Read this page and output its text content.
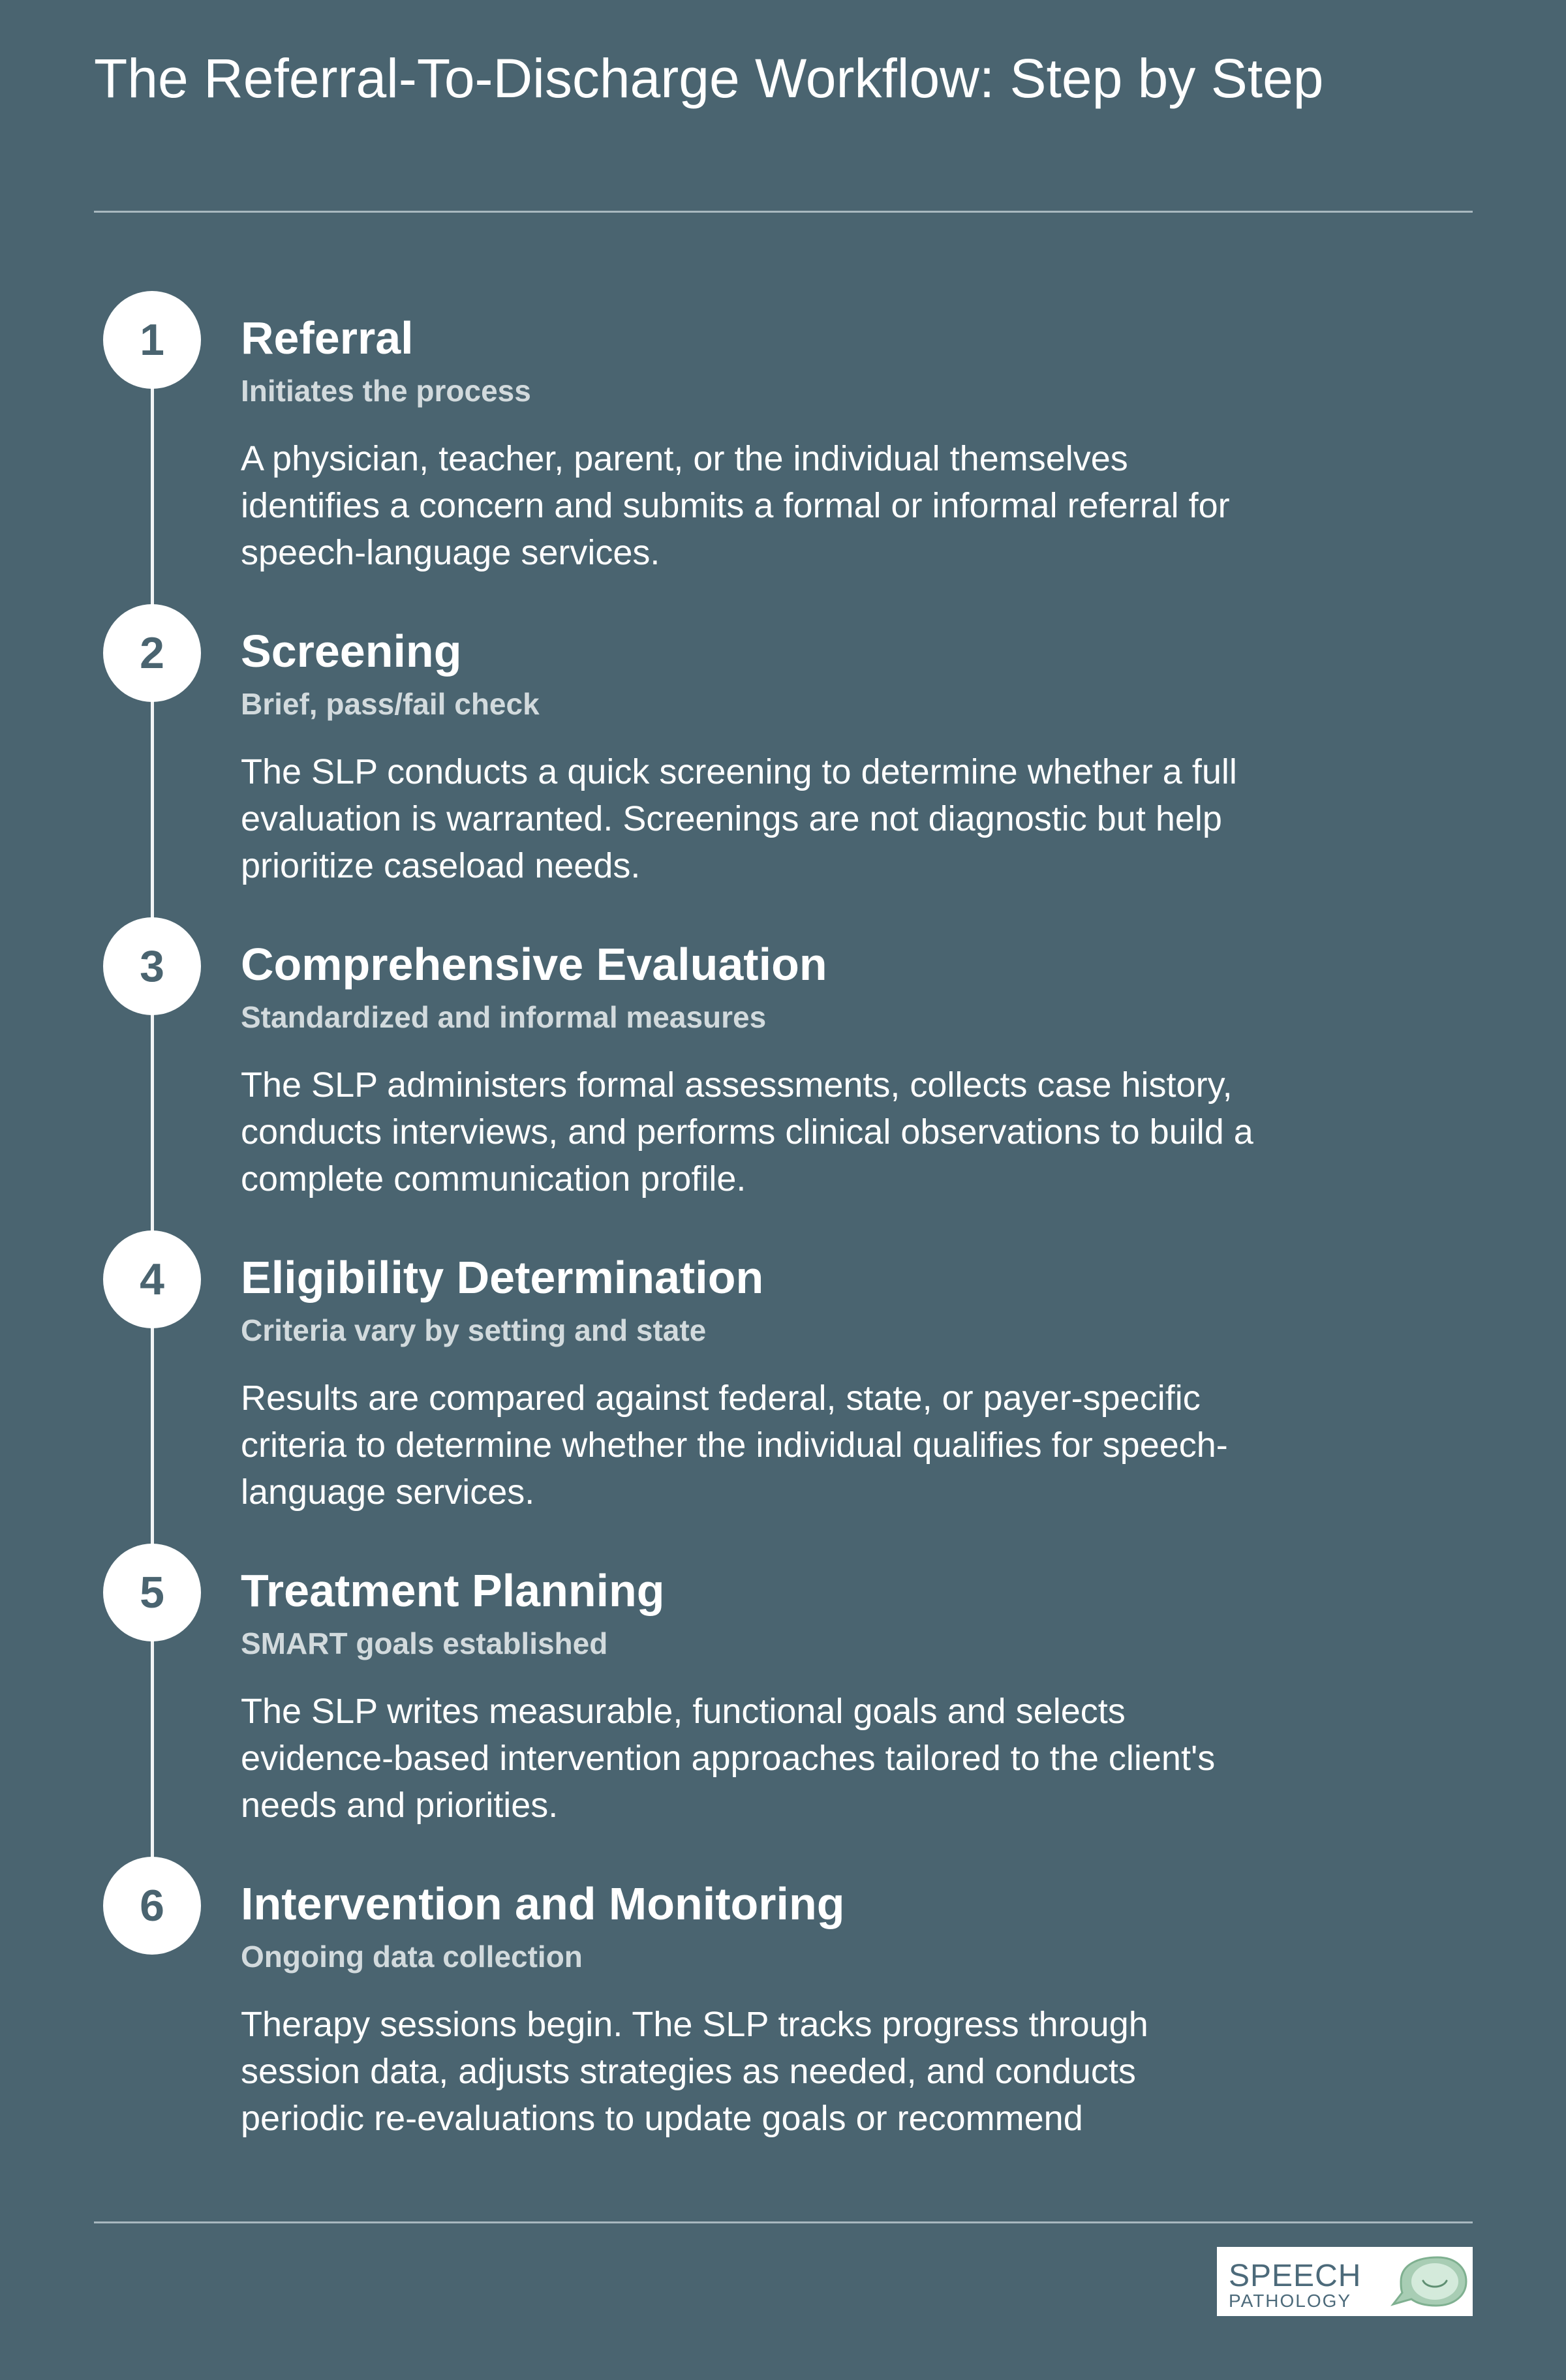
The Referral-To-Discharge Workflow: Step by Step
1	Referral
Initiates the process

A physician, teacher, parent, or the individual themselves identifies a concern and submits a formal or informal referral for speech-language services.

2	Screening
Brief, pass/fail check

The SLP conducts a quick screening to determine whether a full evaluation is warranted. Screenings are not diagnostic but help prioritize caseload needs.

3	Comprehensive Evaluation
Standardized and informal measures

The SLP administers formal assessments, collects case history, conducts interviews, and performs clinical observations to build a complete communication profile.

4	Eligibility Determination
Criteria vary by setting and state

Results are compared against federal, state, or payer-specific criteria to determine whether the individual qualifies for speech-language services.

5	Treatment Planning
SMART goals established

The SLP writes measurable, functional goals and selects evidence-based intervention approaches tailored to the client's needs and priorities.

6	Intervention and Monitoring
Ongoing data collection

Therapy sessions begin. The SLP tracks progress through session data, adjusts strategies as needed, and conducts periodic re-evaluations to update goals or recommend

SPEECH
PATHOLOGY
